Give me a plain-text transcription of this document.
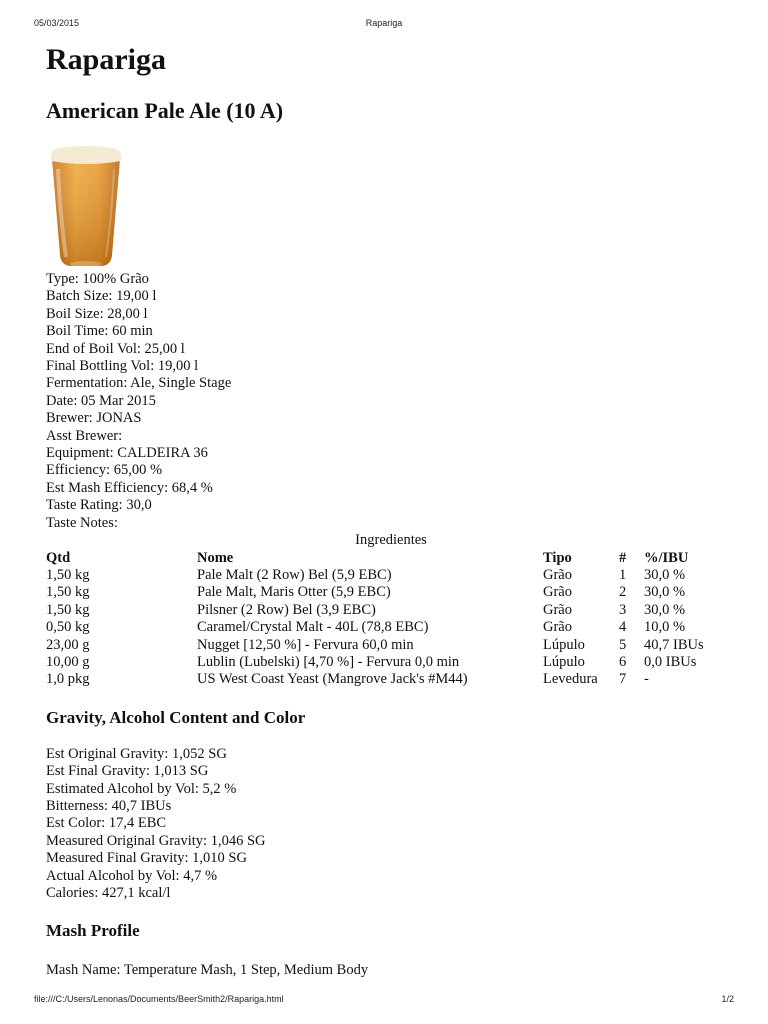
05/03/2015	Rapariga
Rapariga
American Pale Ale (10 A)
Type: 100% Grão
Batch Size: 19,00 l
Boil Size: 28,00 l
Boil Time: 60 min
End of Boil Vol: 25,00 l
Final Bottling Vol: 19,00 l
Fermentation: Ale, Single Stage
Date: 05 Mar 2015
Brewer: JONAS
Asst Brewer:
Equipment: CALDEIRA 36
Efficiency: 65,00 %
Est Mash Efficiency: 68,4 %
Taste Rating: 30,0
Taste Notes:
Ingredientes
Qtd	Nome	Tipo	#	%/IBU
1,50 kg	Pale Malt (2 Row) Bel (5,9 EBC)	Grão	1	30,0 %
1,50 kg	Pale Malt, Maris Otter (5,9 EBC)	Grão	2	30,0 %
1,50 kg	Pilsner (2 Row) Bel (3,9 EBC)	Grão	3	30,0 %
0,50 kg	Caramel/Crystal Malt - 40L (78,8 EBC)	Grão	4	10,0 %
23,00 g	Nugget [12,50 %] - Fervura 60,0 min	Lúpulo	5	40,7 IBUs
10,00 g	Lublin (Lubelski) [4,70 %] - Fervura 0,0 min	Lúpulo	6	0,0 IBUs
1,0 pkg	US West Coast Yeast (Mangrove Jack's #M44)	Levedura	7	-
Gravity, Alcohol Content and Color
Est Original Gravity: 1,052 SG
Est Final Gravity: 1,013 SG
Estimated Alcohol by Vol: 5,2 %
Bitterness: 40,7 IBUs
Est Color: 17,4 EBC
Measured Original Gravity: 1,046 SG
Measured Final Gravity: 1,010 SG
Actual Alcohol by Vol: 4,7 %
Calories: 427,1 kcal/l
Mash Profile
Mash Name: Temperature Mash, 1 Step, Medium Body
file:///C:/Users/Lenonas/Documents/BeerSmith2/Rapariga.html	1/2
